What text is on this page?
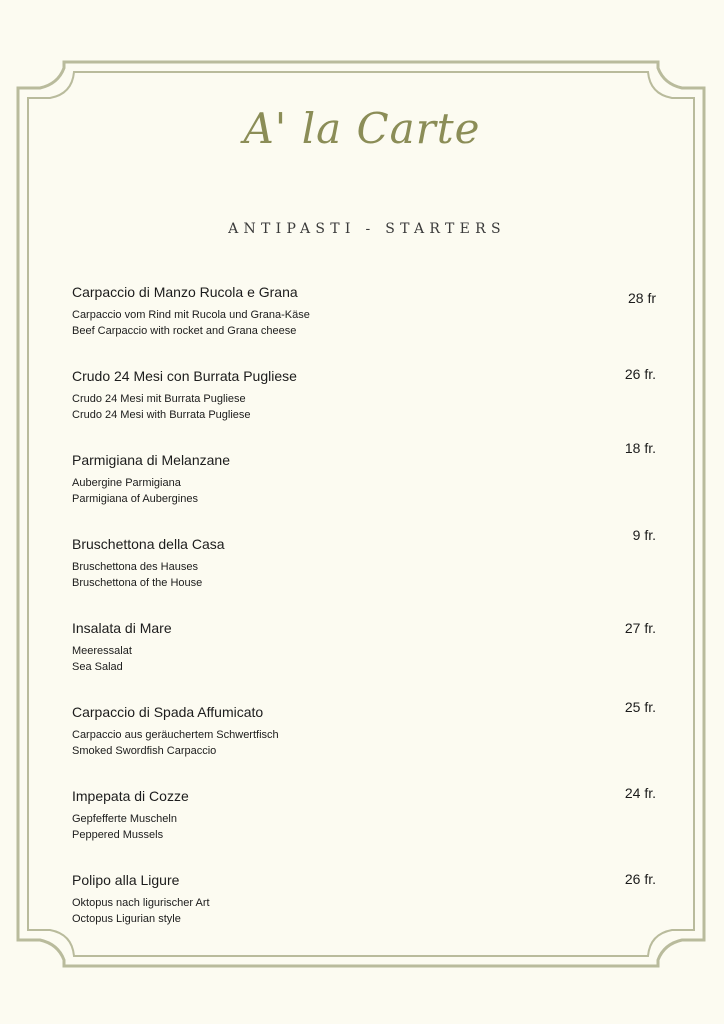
A' la Carte
ANTIPASTI - STARTERS
Carpaccio di Manzo Rucola e Grana
Carpaccio vom Rind mit Rucola und Grana-Käse
Beef Carpaccio with rocket and Grana cheese
28 fr
Crudo 24 Mesi con Burrata Pugliese
Crudo 24 Mesi mit Burrata Pugliese
Crudo 24 Mesi with Burrata Pugliese
26 fr.
Parmigiana di Melanzane
Aubergine Parmigiana
Parmigiana of Aubergines
18 fr.
Bruschettona della Casa
Bruschettona des Hauses
Bruschettona of the House
9 fr.
Insalata di Mare
Meeressalat
Sea Salad
27 fr.
Carpaccio di Spada Affumicato
Carpaccio aus geräuchertem Schwertfisch
Smoked Swordfish Carpaccio
25 fr.
Impepata di Cozze
Gepfefferte Muscheln
Peppered Mussels
24 fr.
Polipo alla Ligure
Oktopus nach ligurischer Art
Octopus Ligurian style
26 fr.
